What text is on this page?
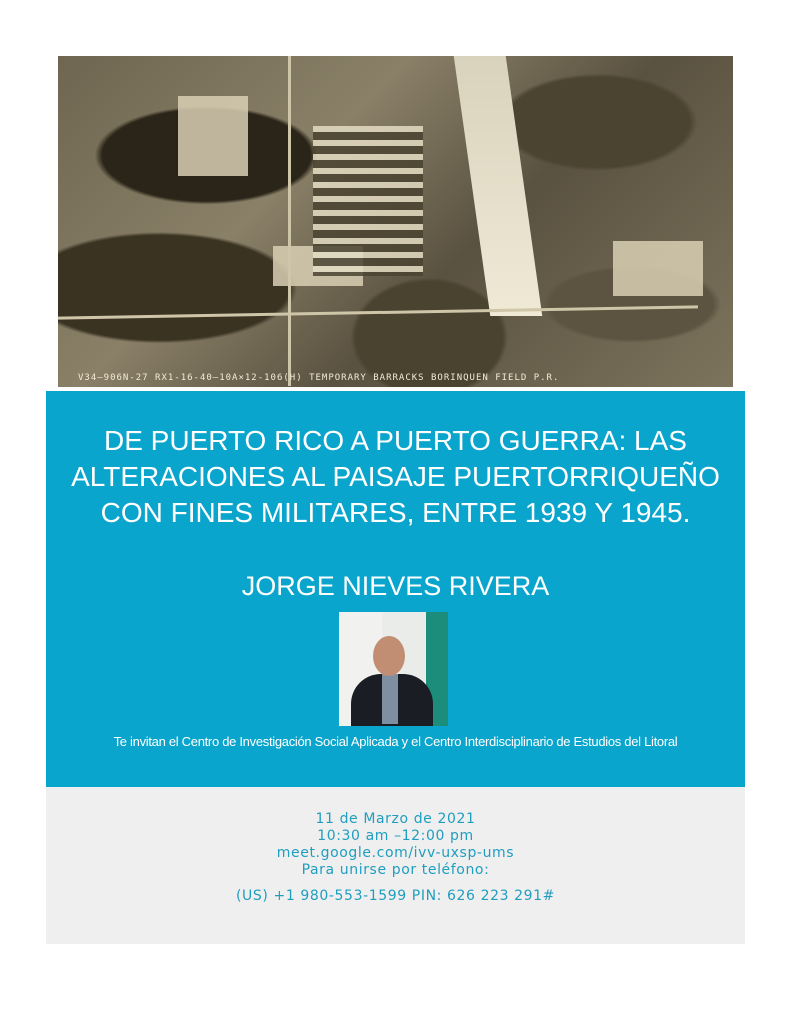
V34—906N-27 RX1-16-40—10A×12-106(H) TEMPORARY BARRACKS BORINQUEN FIELD P.R.
DE PUERTO RICO A PUERTO GUERRA: LAS
ALTERACIONES AL PAISAJE PUERTORRIQUEÑO
CON FINES MILITARES, ENTRE 1939 Y 1945.
JORGE NIEVES RIVERA
Te invitan el Centro de Investigación Social Aplicada y el Centro Interdisciplinario de Estudios del Litoral
11 de Marzo de 2021
10:30 am –12:00 pm
meet.google.com/ivv-uxsp-ums
Para unirse por teléfono:
(US) +1 980-553-1599 PIN: 626 223 291#
